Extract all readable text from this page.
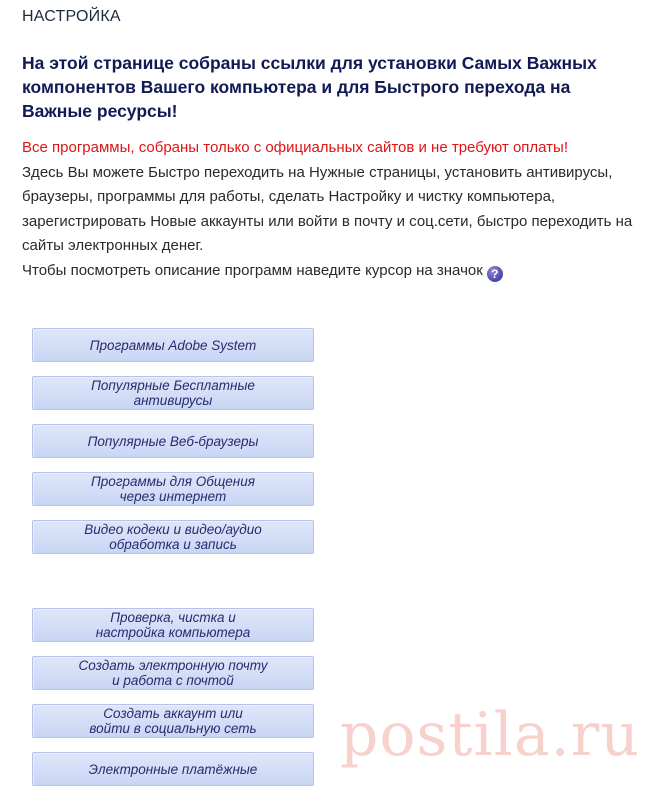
НАСТРОЙКА
На этой странице собраны ссылки для установки Самых Важных компонентов Вашего компьютера и для Быстрого перехода на Важные ресурсы!
Все программы, собраны только с официальных сайтов и не требуют оплаты!
Здесь Вы можете Быстро переходить на Нужные страницы, установить антивирусы, браузеры, программы для работы, сделать Настройку и чистку компьютера, зарегистрировать Новые аккаунты или войти в почту и соц.сети, быстро переходить на сайты электронных денег.
Чтобы посмотреть описание программ наведите курсор на значок ?
Программы Adobe System
Популярные Бесплатные
антивирусы
Популярные Веб-браузеры
Программы для Общения
через интернет
Видео кодеки и видео/аудио
обработка и запись
Проверка, чистка и
настройка компьютера
Создать электронную почту
и работа с почтой
Создать аккаунт или
войти в социальную сеть
Электронные платёжные	postila.ru
